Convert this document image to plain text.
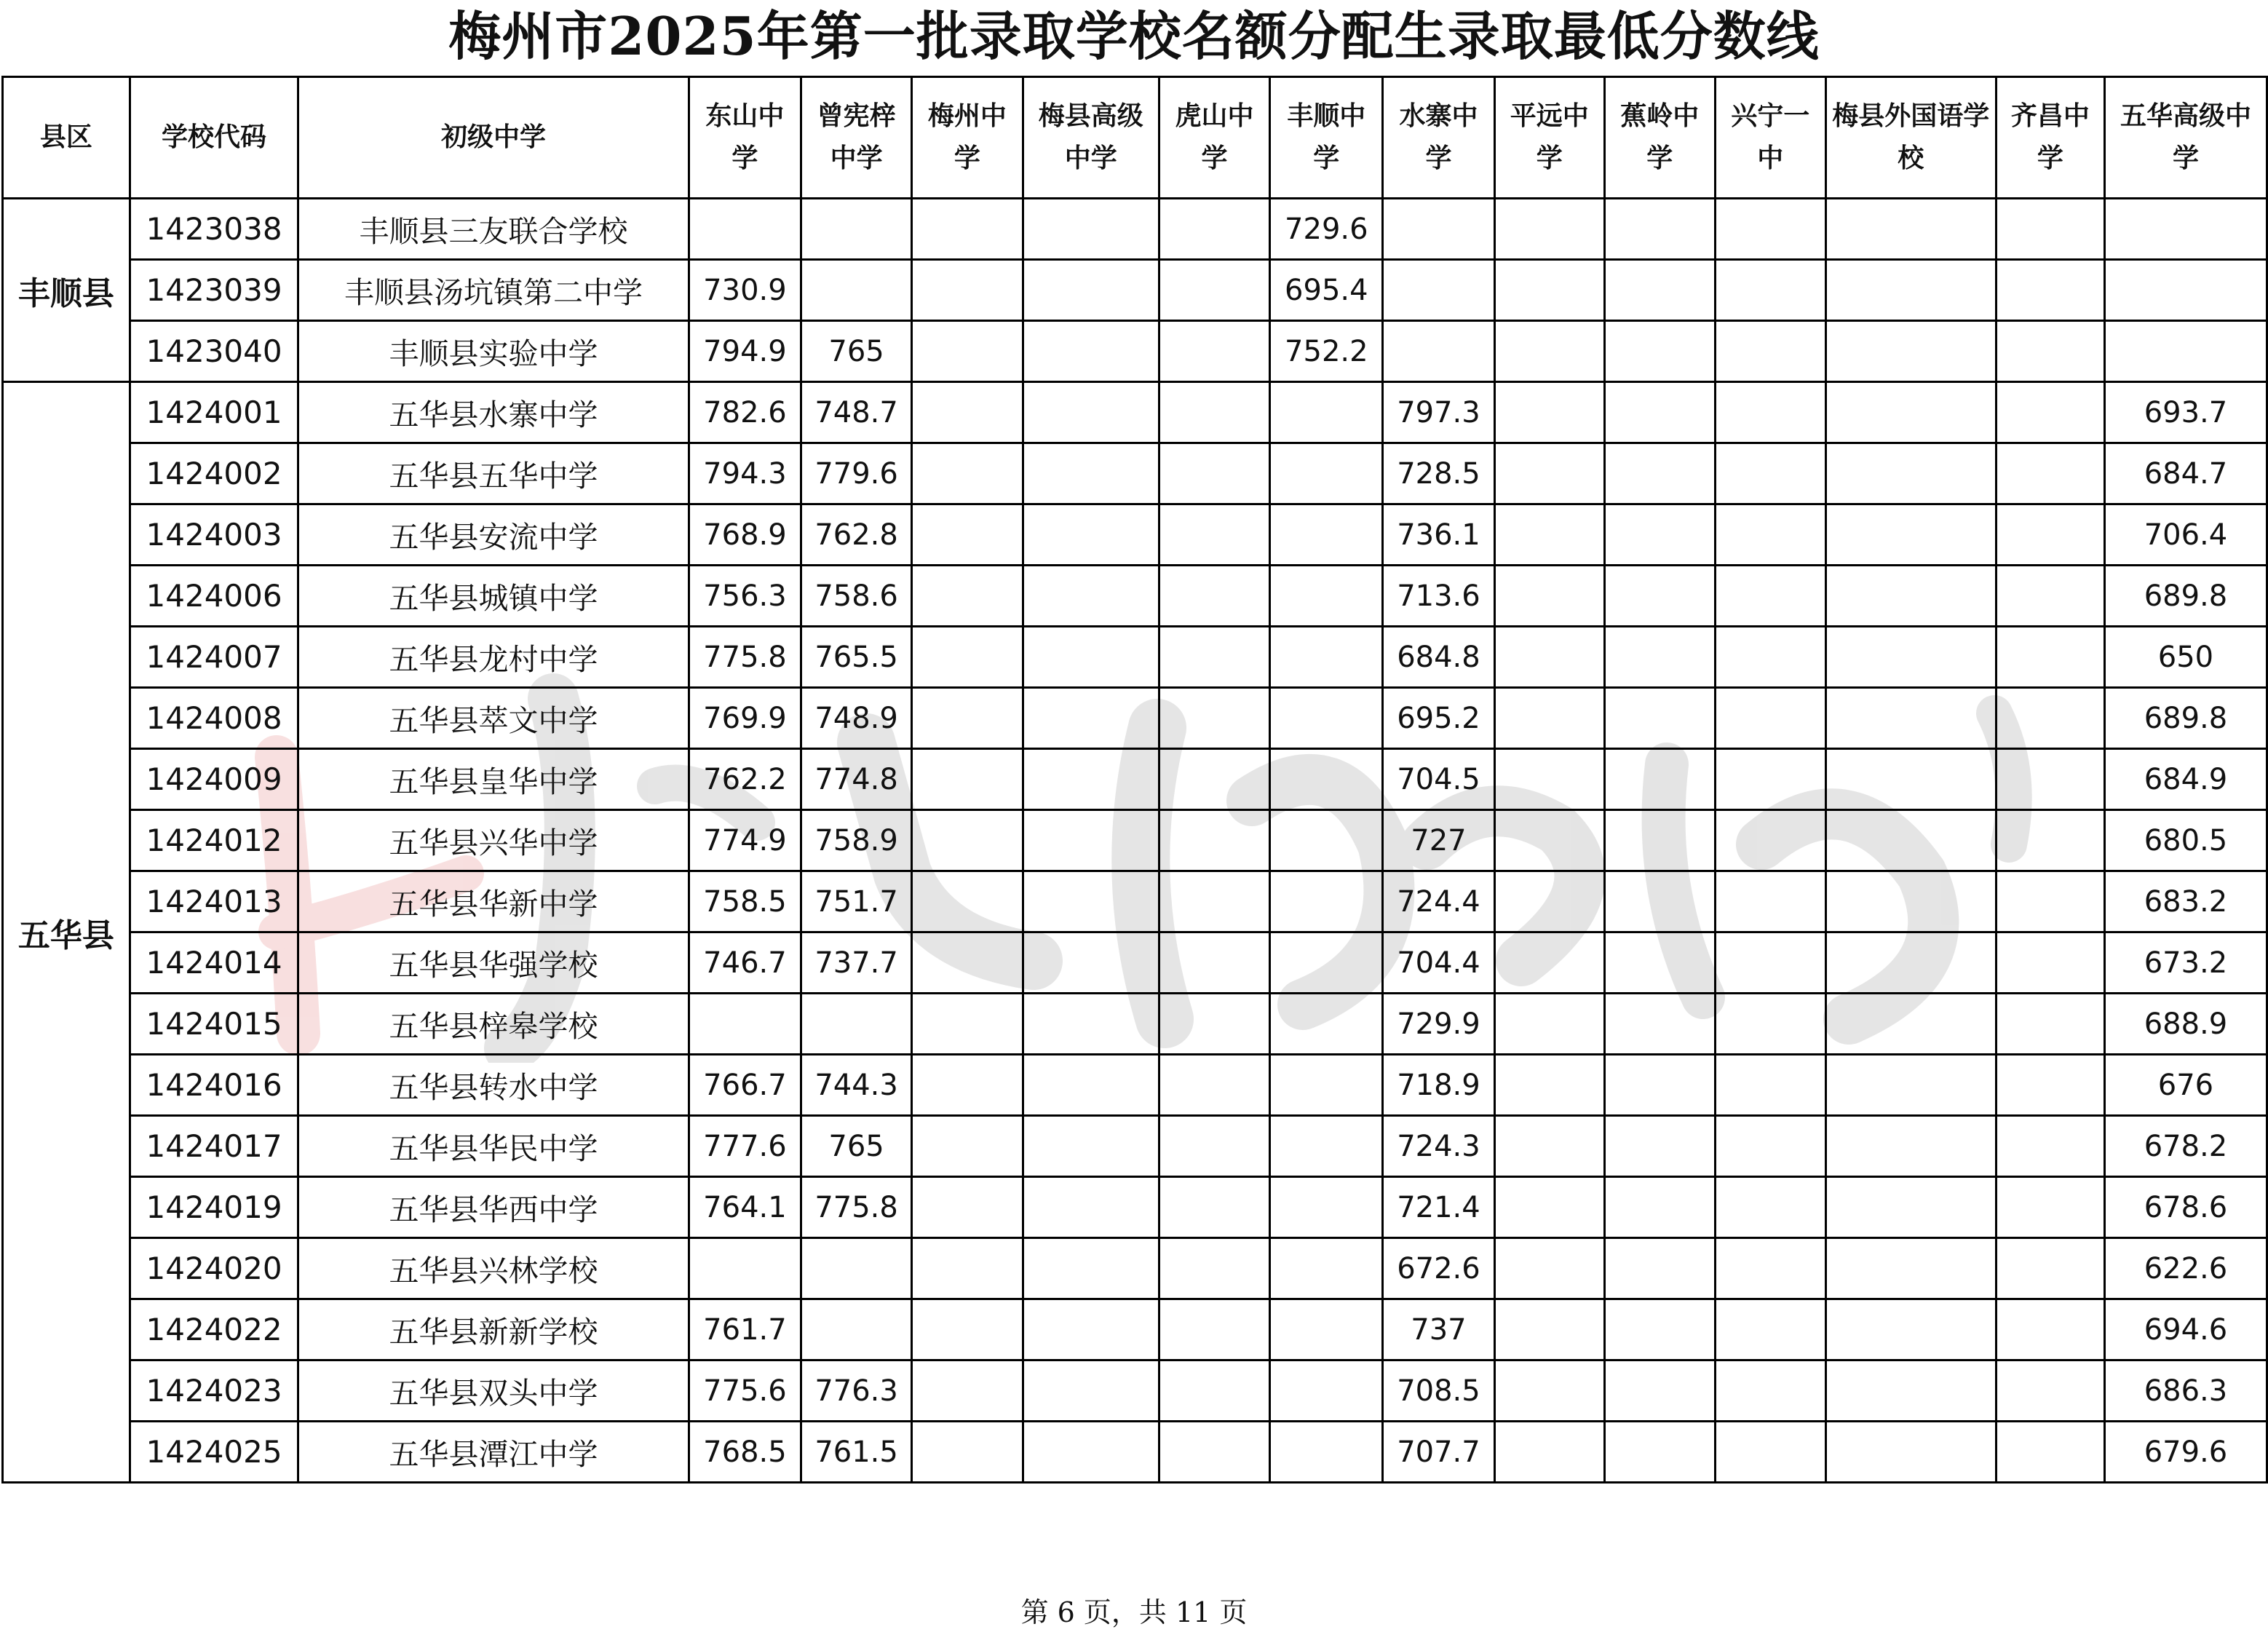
梅州市2025年第一批录取学校名额分配生录取最低分数线
县区	学校代码	初级中学	东山中学	曾宪梓中学	梅州中学	梅县高级中学	虎山中学	丰顺中学	水寨中学	平远中学	蕉岭中学	兴宁一中	梅县外国语学校	齐昌中学	五华高级中学
丰顺县	1423038	丰顺县三友联合学校						729.6							
	1423039	丰顺县汤坑镇第二中学	730.9					695.4							
	1423040	丰顺县实验中学	794.9	765				752.2							
五华县	1424001	五华县水寨中学	782.6	748.7					797.3						693.7
	1424002	五华县五华中学	794.3	779.6					728.5						684.7
	1424003	五华县安流中学	768.9	762.8					736.1						706.4
	1424006	五华县城镇中学	756.3	758.6					713.6						689.8
	1424007	五华县龙村中学	775.8	765.5					684.8						650
	1424008	五华县萃文中学	769.9	748.9					695.2						689.8
	1424009	五华县皇华中学	762.2	774.8					704.5						684.9
	1424012	五华县兴华中学	774.9	758.9					727						680.5
	1424013	五华县华新中学	758.5	751.7					724.4						683.2
	1424014	五华县华强学校	746.7	737.7					704.4						673.2
	1424015	五华县梓皋学校							729.9						688.9
	1424016	五华县转水中学	766.7	744.3					718.9						676
	1424017	五华县华民中学	777.6	765					724.3						678.2
	1424019	五华县华西中学	764.1	775.8					721.4						678.6
	1424020	五华县兴林学校							672.6						622.6
	1424022	五华县新新学校	761.7						737						694.6
	1424023	五华县双头中学	775.6	776.3					708.5						686.3
	1424025	五华县潭江中学	768.5	761.5					707.7						679.6
第 6 页，共 11 页
